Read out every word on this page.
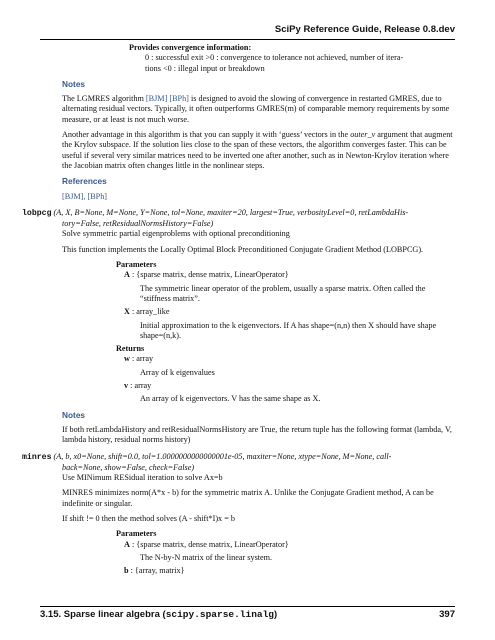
SciPy Reference Guide, Release 0.8.dev

Provides convergence information:

0 : successful exit >0 : convergence to tolerance not achieved, number of itera-

tions <0 : illegal input or breakdown

Notes

The LGMRES algorithm [BJM] [BPh] is designed to avoid the slowing of convergence in restarted GMRES, due to alternating residual vectors. Typically, it often outperforms GMRES(m) of comparable memory requirements by some measure, or at least is not much worse.

Another advantage in this algorithm is that you can supply it with ‘guess’ vectors in the outer_v argument that augment the Krylov subspace. If the solution lies close to the span of these vectors, the algorithm converges faster. This can be useful if several very similar matrices need to be inverted one after another, such as in Newton-Krylov iteration where the Jacobian matrix often changes little in the nonlinear steps.

References

[BJM], [BPh]

lobpcg (A, X, B=None, M=None, Y=None, tol=None, maxiter=20, largest=True, verbosityLevel=0, retLambdaHis-
tory=False, retResidualNormsHistory=False)

Solve symmetric partial eigenproblems with optional preconditioning

This function implements the Locally Optimal Block Preconditioned Conjugate Gradient Method (LOBPCG).

Parameters

A : {sparse matrix, dense matrix, LinearOperator}

The symmetric linear operator of the problem, usually a sparse matrix. Often called the “stiffness matrix”.

X : array_like

Initial approximation to the k eigenvectors. If A has shape=(n,n) then X should have shape shape=(n,k).

Returns

w : array

Array of k eigenvalues

v : array

An array of k eigenvectors. V has the same shape as X.

Notes

If both retLambdaHistory and retResidualNormsHistory are True, the return tuple has the following format (lambda, V, lambda history, residual norms history)

minres (A, b, x0=None, shift=0.0, tol=1.0000000000000001e-05, maxiter=None, xtype=None, M=None, call-
back=None, show=False, check=False)

Use MINimum RESidual iteration to solve Ax=b

MINRES minimizes norm(A*x - b) for the symmetric matrix A. Unlike the Conjugate Gradient method, A can be indefinite or singular.

If shift != 0 then the method solves (A - shift*I)x = b

Parameters

A : {sparse matrix, dense matrix, LinearOperator}

The N-by-N matrix of the linear system.

b : {array, matrix}

3.15. Sparse linear algebra (scipy.sparse.linalg)	397
